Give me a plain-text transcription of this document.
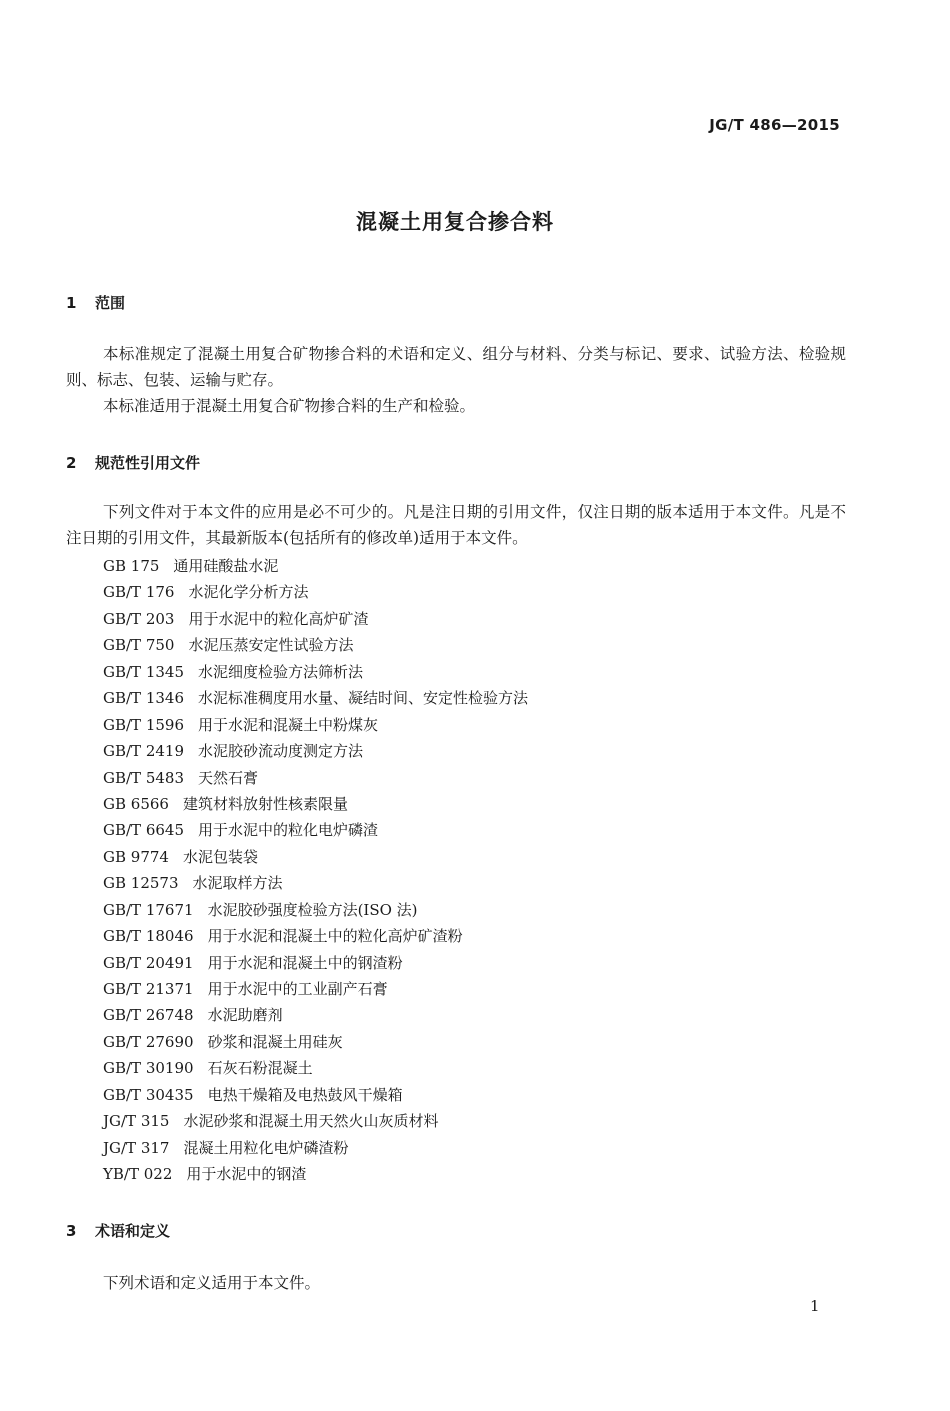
JG/T 486—2015
混凝土用复合掺合料
1 范围

本标准规定了混凝土用复合矿物掺合料的术语和定义、组分与材料、分类与标记、要求、试验方法、检验规则、标志、包装、运输与贮存。

本标准适用于混凝土用复合矿物掺合料的生产和检验。

2 规范性引用文件

下列文件对于本文件的应用是必不可少的。凡是注日期的引用文件，仅注日期的版本适用于本文件。凡是不注日期的引用文件，其最新版本(包括所有的修改单)适用于本文件。

GB 175 通用硅酸盐水泥
GB/T 176 水泥化学分析方法
GB/T 203 用于水泥中的粒化高炉矿渣
GB/T 750 水泥压蒸安定性试验方法
GB/T 1345 水泥细度检验方法筛析法
GB/T 1346 水泥标准稠度用水量、凝结时间、安定性检验方法
GB/T 1596 用于水泥和混凝土中粉煤灰
GB/T 2419 水泥胶砂流动度测定方法
GB/T 5483 天然石膏
GB 6566 建筑材料放射性核素限量
GB/T 6645 用于水泥中的粒化电炉磷渣
GB 9774 水泥包装袋
GB 12573 水泥取样方法
GB/T 17671 水泥胶砂强度检验方法(ISO 法)
GB/T 18046 用于水泥和混凝土中的粒化高炉矿渣粉
GB/T 20491 用于水泥和混凝土中的钢渣粉
GB/T 21371 用于水泥中的工业副产石膏
GB/T 26748 水泥助磨剂
GB/T 27690 砂浆和混凝土用硅灰
GB/T 30190 石灰石粉混凝土
GB/T 30435 电热干燥箱及电热鼓风干燥箱
JG/T 315 水泥砂浆和混凝土用天然火山灰质材料
JG/T 317 混凝土用粒化电炉磷渣粉
YB/T 022 用于水泥中的钢渣
3 术语和定义

下列术语和定义适用于本文件。

1
